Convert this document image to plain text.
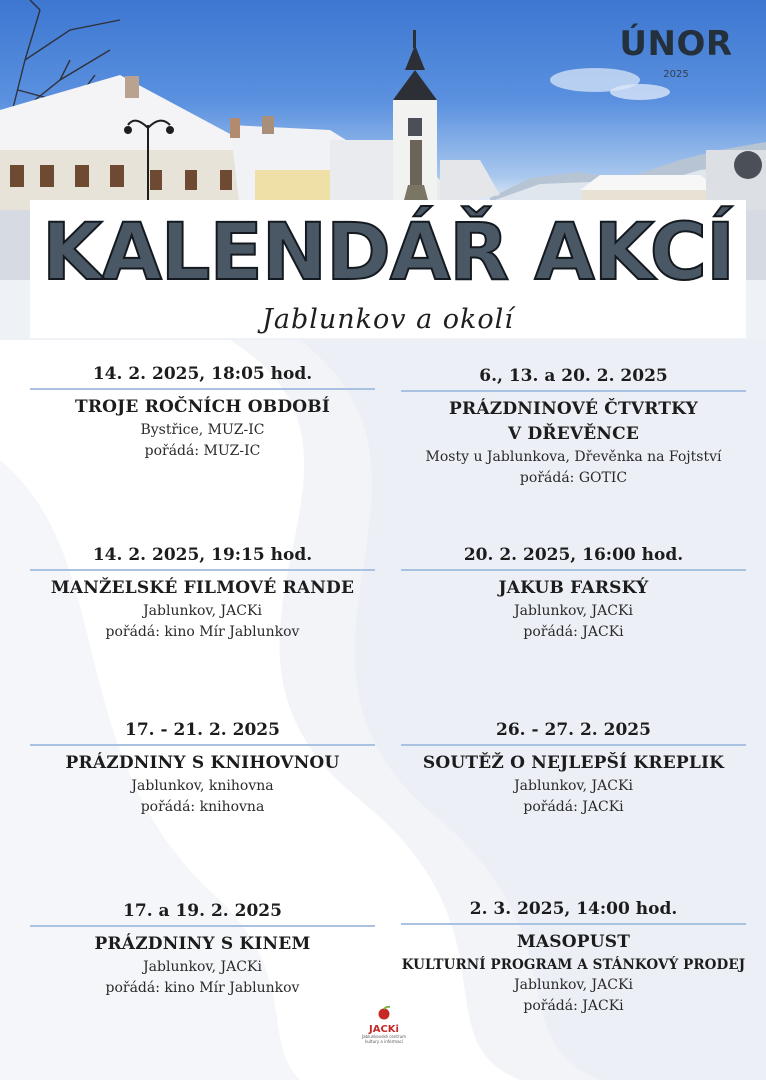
ÚNOR
2025
KALENDÁŘ AKCÍ
Jablunkov a okolí
14. 2. 2025, 18:05 hod.
TROJE ROČNÍCH OBDOBÍ
Bystřice, MUZ-IC
pořádá: MUZ-IC
6., 13. a 20. 2. 2025
PRÁZDNINOVÉ ČTVRTKY
V DŘEVĚNCE
Mosty u Jablunkova, Dřevěnka na Fojtství
pořádá: GOTIC
14. 2. 2025, 19:15 hod.
MANŽELSKÉ FILMOVÉ RANDE
Jablunkov, JACKi
pořádá: kino Mír Jablunkov
20. 2. 2025, 16:00 hod.
JAKUB FARSKÝ
Jablunkov, JACKi
pořádá: JACKi
17. - 21. 2. 2025
PRÁZDNINY S KNIHOVNOU
Jablunkov, knihovna
pořádá: knihovna
26. - 27. 2. 2025
SOUTĚŽ O NEJLEPŠÍ KREPLIK
Jablunkov, JACKi
pořádá: JACKi
17. a 19. 2. 2025
PRÁZDNINY S KINEM
Jablunkov, JACKi
pořádá: kino Mír Jablunkov
2. 3. 2025, 14:00 hod.
MASOPUST
KULTURNÍ PROGRAM A STÁNKOVÝ PRODEJ
Jablunkov, JACKi
pořádá: JACKi
JACKi
Jablunkovské centrum kultury a informací
